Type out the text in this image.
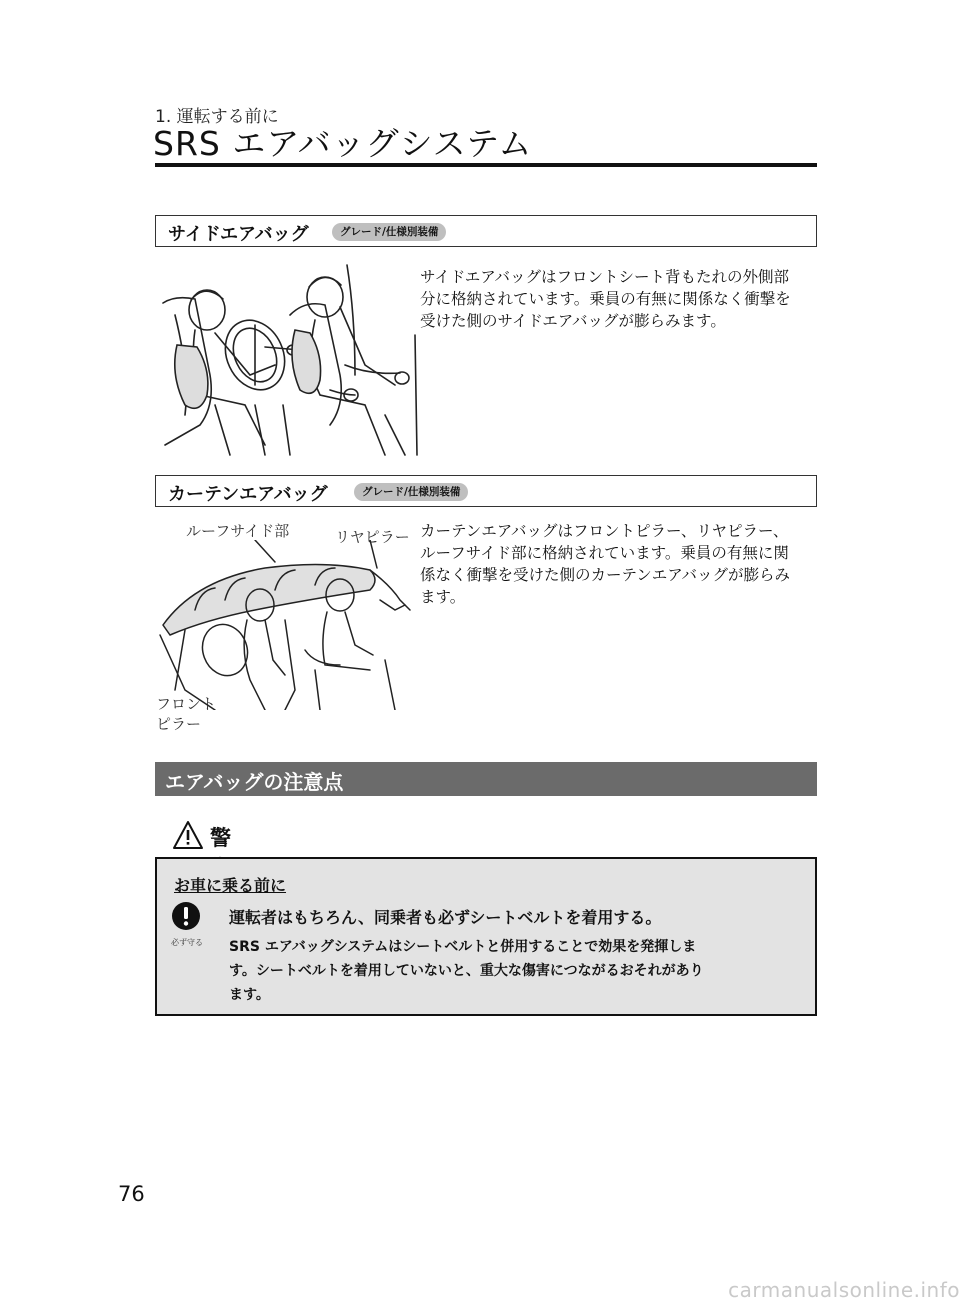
1. 運転する前に
SRS エアバッグシステム
サイドエアバッグ	グレード/仕様別装備
サイドエアバッグはフロントシート背もたれの外側部
分に格納されています。乗員の有無に関係なく衝撃を
受けた側のサイドエアバッグが膨らみます。
カーテンエアバッグ	グレード/仕様別装備
ルーフサイド部	リヤピラー
フロント
ピラー
カーテンエアバッグはフロントピラー、リヤピラー、
ルーフサイド部に格納されています。乗員の有無に関
係なく衝撃を受けた側のカーテンエアバッグが膨らみ
ます。
エアバッグの注意点
警
お車に乗る前に
必ず守る
運転者はもちろん、同乗者も必ずシートベルトを着用する。
SRS エアバッグシステムはシートベルトと併用することで効果を発揮しま
す。シートベルトを着用していないと、重大な傷害につながるおそれがあり
ます。
76
carmanualsonline.info
